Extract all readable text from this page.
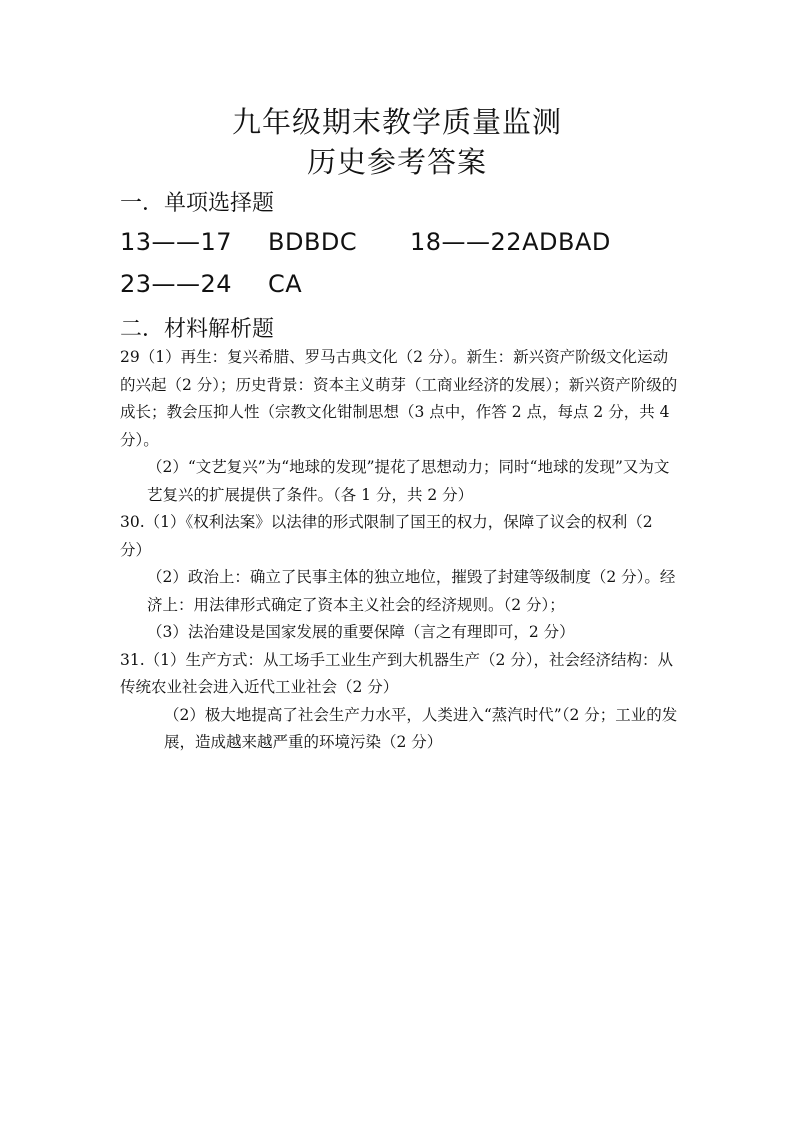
九年级期末教学质量监测
历史参考答案
一．单项选择题
13——17 BDBDC 18——22ADBAD
23——24 CA
二．材料解析题

29（1）再生：复兴希腊、罗马古典文化（2 分）。新生：新兴资产阶级文化运动的兴起（2 分）；历史背景：资本主义萌芽（工商业经济的发展）；新兴资产阶级的成长；教会压抑人性（宗教文化钳制思想（3 点中，作答 2 点，每点 2 分，共 4 分）。

（2）“文艺复兴”为“地球的发现”提花了思想动力；同时“地球的发现”又为文艺复兴的扩展提供了条件。（各 1 分，共 2 分）

30.（1）《权利法案》以法律的形式限制了国王的权力，保障了议会的权利（2 分）

（2）政治上：确立了民事主体的独立地位，摧毁了封建等级制度（2 分）。经济上：用法律形式确定了资本主义社会的经济规则。（2 分）；

（3）法治建设是国家发展的重要保障（言之有理即可，2 分）

31.（1）生产方式：从工场手工业生产到大机器生产（2 分），社会经济结构：从传统农业社会进入近代工业社会（2 分）

（2）极大地提高了社会生产力水平，人类进入“蒸汽时代”（2 分；工业的发展，造成越来越严重的环境污染（2 分）
